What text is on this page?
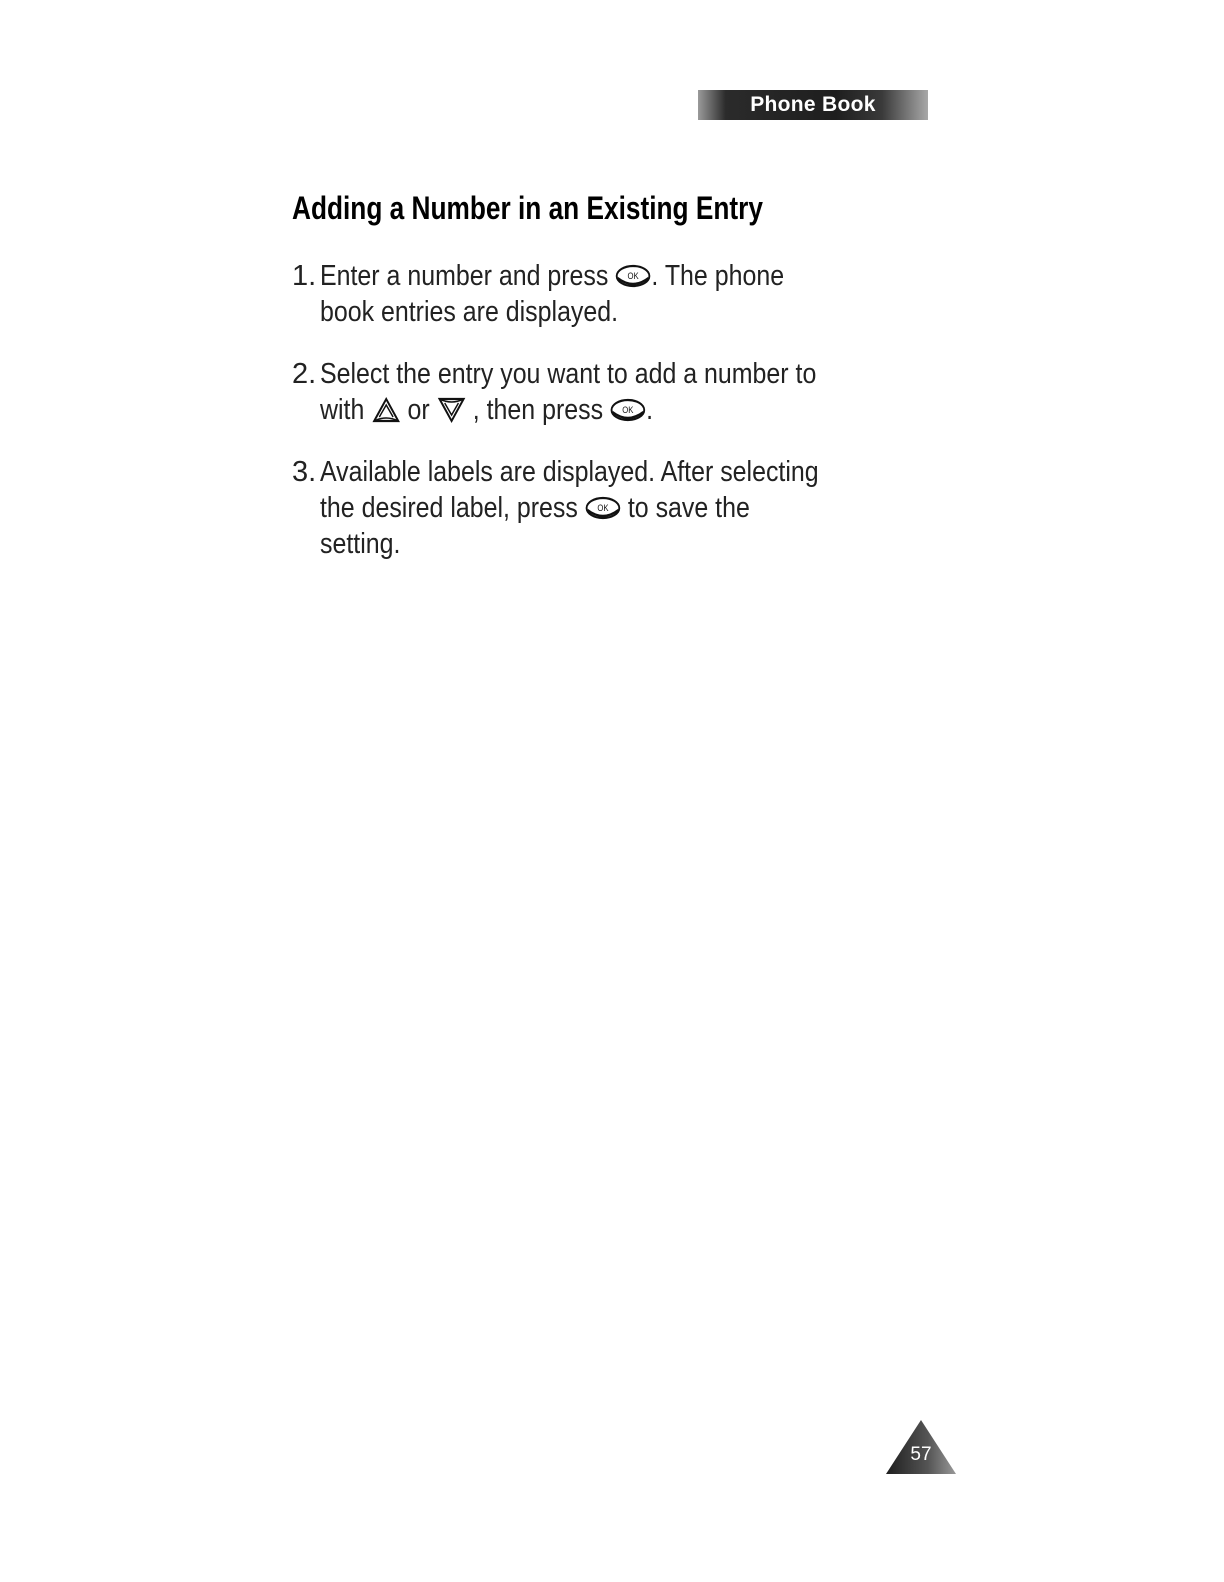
Phone Book
Adding a Number in an Existing Entry
1. Enter a number and press OK . The phone book entries are displayed.
2. Select the entry you want to add a number to with  or  , then press OK .
3. Available labels are displayed. After selecting the desired label, press OK to save the setting.
57
